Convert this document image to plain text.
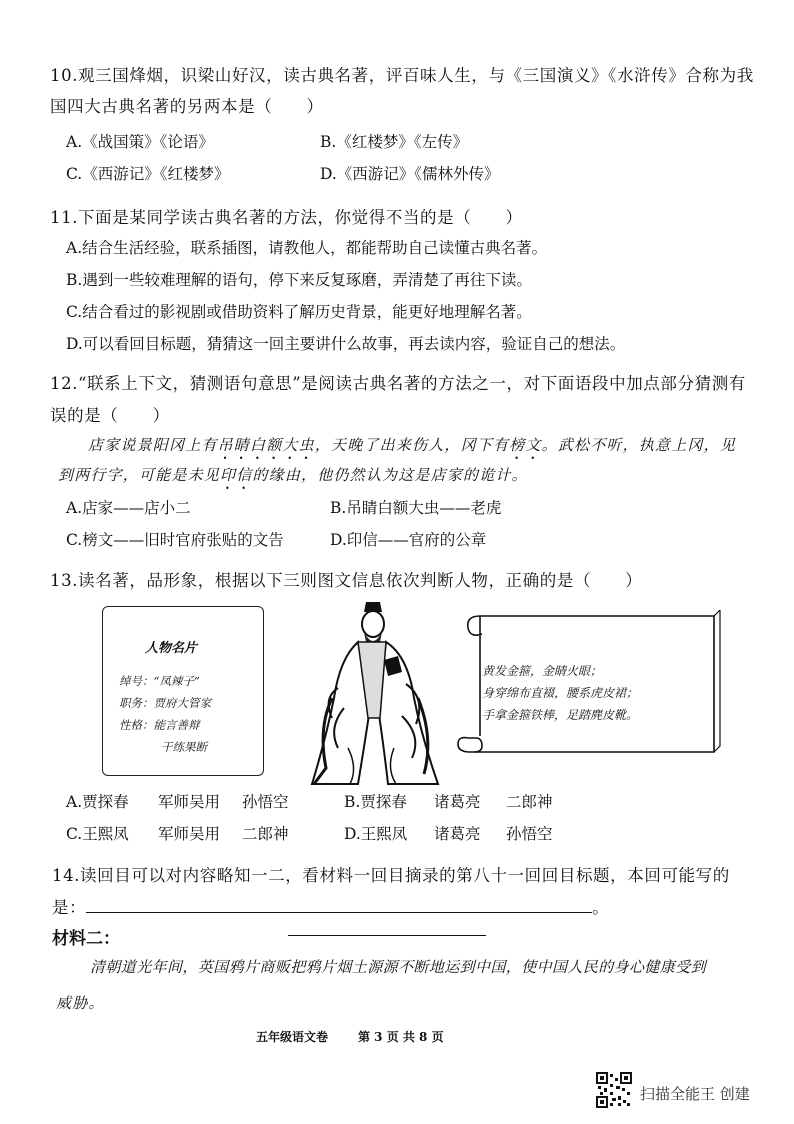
10.观三国烽烟，识梁山好汉，读古典名著，评百味人生，与《三国演义》《水浒传》合称为我
国四大古典名著的另两本是（　　）
A.《战国策》《论语》	B.《红楼梦》《左传》
C.《西游记》《红楼梦》	D.《西游记》《儒林外传》
11.下面是某同学读古典名著的方法，你觉得不当的是（　　）
A.结合生活经验，联系插图，请教他人，都能帮助自己读懂古典名著。
B.遇到一些较难理解的语句，停下来反复琢磨，弄清楚了再往下读。
C.结合看过的影视剧或借助资料了解历史背景，能更好地理解名著。
D.可以看回目标题，猜猜这一回主要讲什么故事，再去读内容，验证自己的想法。
12.“联系上下文，猜测语句意思”是阅读古典名著的方法之一，对下面语段中加点部分猜测有
误的是（　　）
店家说景阳冈上有吊睛白额大虫，天晚了出来伤人，冈下有榜文。武松不听，执意上冈，见
到两行字，可能是未见印信的缘由，他仍然认为这是店家的诡计。
A.店家——店小二	B.吊睛白额大虫——老虎
C.榜文——旧时官府张贴的文告	D.印信——官府的公章
13.读名著，品形象，根据以下三则图文信息依次判断人物，正确的是（　　）
人物名片
绰号：“凤辣子”
职务：贾府大管家
性格：能言善辩
干练果断
黄发金箍，金睛火眼；
身穿绵布直裰，腰系虎皮裙；
手拿金箍铁棒，足踏麂皮靴。
A.贾探春 军师吴用 孙悟空	B.贾探春 诸葛亮 二郎神
C.王熙凤 军师吴用 二郎神	D.王熙凤 诸葛亮 孙悟空
14.读回目可以对内容略知一二，看材料一回目摘录的第八十一回回目标题，本回可能写的
是：	。
材料二：
清朝道光年间，英国鸦片商贩把鸦片烟土源源不断地运到中国，使中国人民的身心健康受到
威胁。
五年级语文卷 第 3 页 共 8 页
扫描全能王 创建
